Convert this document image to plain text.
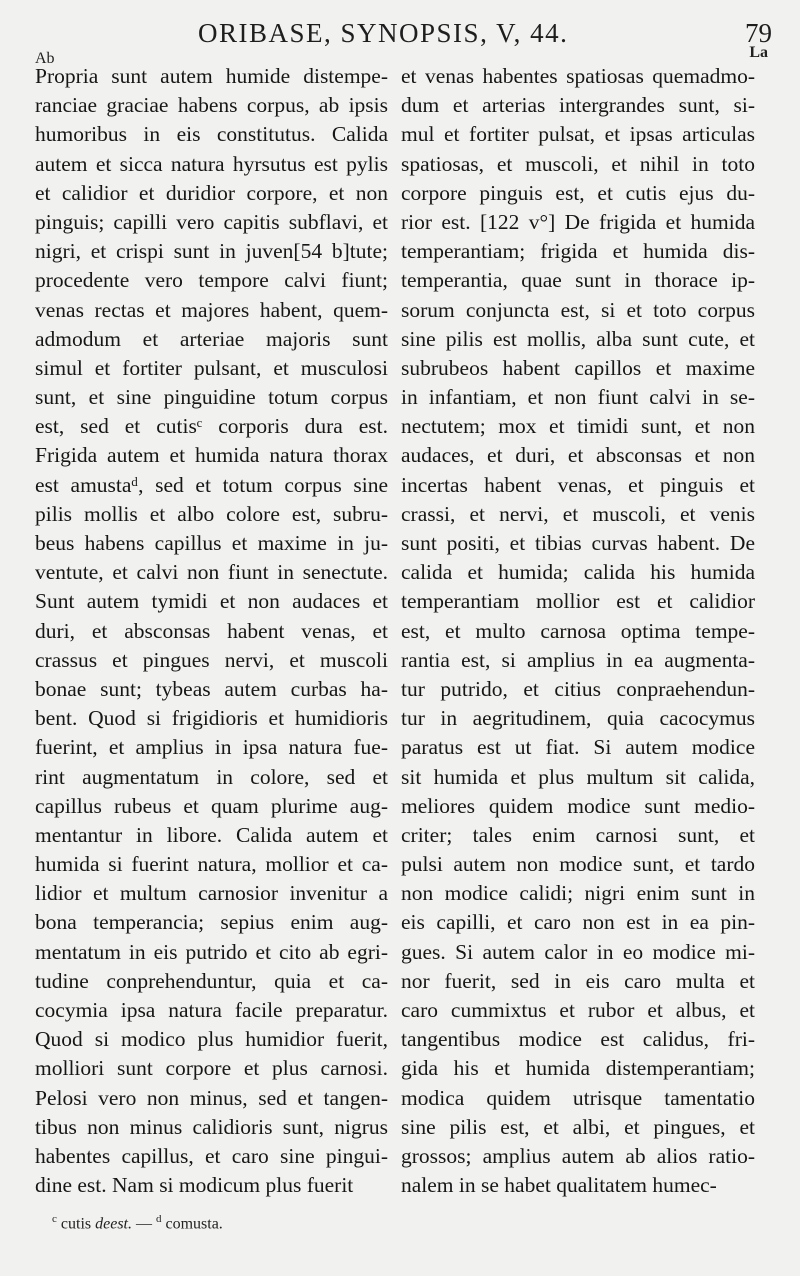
ORIBASE, SYNOPSIS, V, 44.	79
Ab	La
Propria sunt autem humide distempe-
ranciae graciae habens corpus, ab ipsis
humoribus in eis constitutus. Calida
autem et sicca natura hyrsutus est pylis
et calidior et duridior corpore, et non
pinguis; capilli vero capitis subflavi, et
nigri, et crispi sunt in juven[54 b]tute;
procedente vero tempore calvi fiunt;
venas rectas et majores habent, quem-
admodum et arteriae majoris sunt
simul et fortiter pulsant, et musculosi
sunt, et sine pinguidine totum corpus
est, sed et cutisᶜ corporis dura est.
Frigida autem et humida natura thorax
est amustaᵈ, sed et totum corpus sine
pilis mollis et albo colore est, subru-
beus habens capillus et maxime in ju-
ventute, et calvi non fiunt in senectute.
Sunt autem tymidi et non audaces et
duri, et absconsas habent venas, et
crassus et pingues nervi, et muscoli
bonae sunt; tybeas autem curbas ha-
bent. Quod si frigidioris et humidioris
fuerint, et amplius in ipsa natura fue-
rint augmentatum in colore, sed et
capillus rubeus et quam plurime aug-
mentantur in libore. Calida autem et
humida si fuerint natura, mollior et ca-
lidior et multum carnosior invenitur a
bona temperancia; sepius enim aug-
mentatum in eis putrido et cito ab egri-
tudine conprehenduntur, quia et ca-
cocymia ipsa natura facile preparatur.
Quod si modico plus humidior fuerit,
molliori sunt corpore et plus carnosi.
Pelosi vero non minus, sed et tangen-
tibus non minus calidioris sunt, nigrus
habentes capillus, et caro sine pingui-
dine est. Nam si modicum plus fuerit
et venas habentes spatiosas quemadmo-
dum et arterias intergrandes sunt, si-
mul et fortiter pulsat, et ipsas articulas
spatiosas, et muscoli, et nihil in toto
corpore pinguis est, et cutis ejus du-
rior est. [122 v°] De frigida et humida
temperantiam; frigida et humida dis-
temperantia, quae sunt in thorace ip-
sorum conjuncta est, si et toto corpus
sine pilis est mollis, alba sunt cute, et
subrubeos habent capillos et maxime
in infantiam, et non fiunt calvi in se-
nectutem; mox et timidi sunt, et non
audaces, et duri, et absconsas et non
incertas habent venas, et pinguis et
crassi, et nervi, et muscoli, et venis
sunt positi, et tibias curvas habent. De
calida et humida; calida his humida
temperantiam mollior est et calidior
est, et multo carnosa optima tempe-
rantia est, si amplius in ea augmenta-
tur putrido, et citius conpraehendun-
tur in aegritudinem, quia cacocymus
paratus est ut fiat. Si autem modice
sit humida et plus multum sit calida,
meliores quidem modice sunt medio-
criter; tales enim carnosi sunt, et
pulsi autem non modice sunt, et tardo
non modice calidi; nigri enim sunt in
eis capilli, et caro non est in ea pin-
gues. Si autem calor in eo modice mi-
nor fuerit, sed in eis caro multa et
caro cummixtus et rubor et albus, et
tangentibus modice est calidus, fri-
gida his et humida distemperantiam;
modica quidem utrisque tamentatio
sine pilis est, et albi, et pingues, et
grossos; amplius autem ab alios ratio-
nalem in se habet qualitatem humec-
$^c$ cutis deest. — $^d$ comusta.
